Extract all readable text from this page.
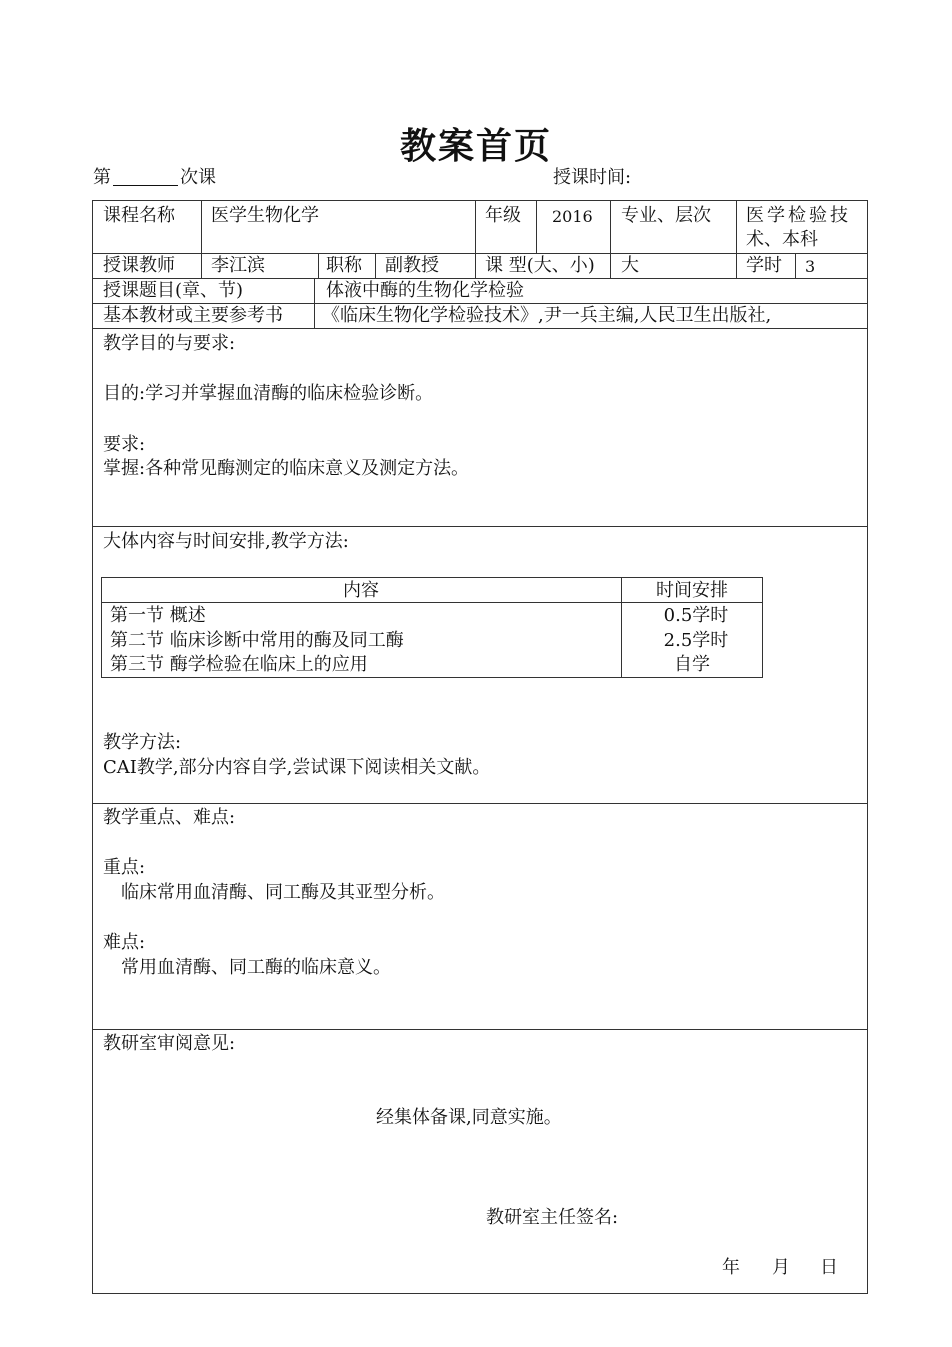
教案首页
第	次课	授课时间:
课程名称 医学生物化学	年级 2016 专业、层次 医学检验技
术、本科
授课教师 李江滨	职称 副教授	课 型(大、小) 大	学时 3
授课题目(章、节)	体液中酶的生物化学检验
基本教材或主要参考书 《临床生物化学检验技术》,尹一兵主编,人民卫生出版社,
教学目的与要求:
目的:学习并掌握血清酶的临床检验诊断。
要求:
掌握:各种常见酶测定的临床意义及测定方法。
大体内容与时间安排,教学方法:
内容	时间安排
第一节 概述	0.5学时
第二节 临床诊断中常用的酶及同工酶	2.5学时
第三节 酶学检验在临床上的应用	自学
教学方法:
CAI教学,部分内容自学,尝试课下阅读相关文献。
教学重点、难点:
重点:
临床常用血清酶、同工酶及其亚型分析。
难点:
常用血清酶、同工酶的临床意义。
教研室审阅意见:
经集体备课,同意实施。
教研室主任签名:
年 月 日
